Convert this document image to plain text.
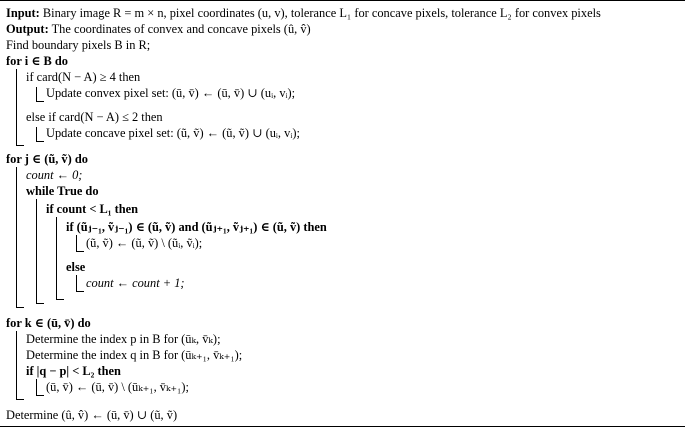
Input: Binary image R = m × n, pixel coordinates (u, v), tolerance L₁ for concave pixels, tolerance L₂ for convex pixels
Output: The coordinates of convex and concave pixels (û, v̂)
Find boundary pixels B in R;
for i ∈ B do
if card(N − A) ≥ 4 then
Update convex pixel set: (ū, v̄) ← (ū, v̄) ∪ (uᵢ, vᵢ);
else if card(N − A) ≤ 2 then
Update concave pixel set: (ũ, ṽ) ← (ũ, ṽ) ∪ (uᵢ, vᵢ);
for j ∈ (ũ, ṽ) do
count ← 0;
while True do
if count < L₁ then
if (ũⱼ₋₁, ṽⱼ₋₁) ∈ (ũ, ṽ) and (ũⱼ₊₁, ṽⱼ₊₁) ∈ (ũ, ṽ) then
(ũ, ṽ) ← (ũ, ṽ) \ (ũᵢ, ṽᵢ);
else
count ← count + 1;
for k ∈ (ū, v̄) do
Determine the index p in B for (ūₖ, v̄ₖ);
Determine the index q in B for (ūₖ₊₁, v̄ₖ₊₁);
if |q − p| < L₂ then
(ū, v̄) ← (ū, v̄) \ (ūₖ₊₁, v̄ₖ₊₁);
Determine (û, v̂) ← (ū, v̄) ∪ (ũ, ṽ)
